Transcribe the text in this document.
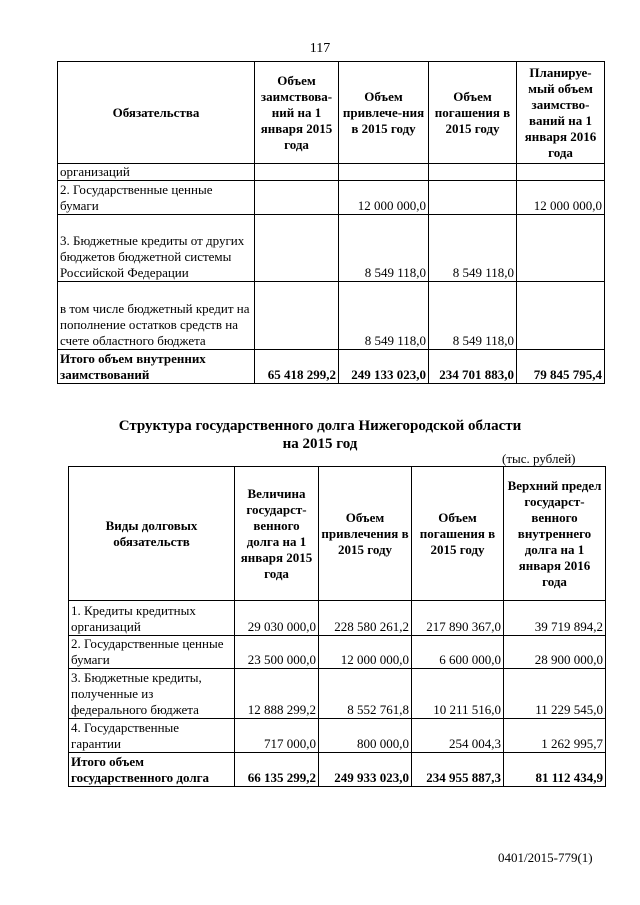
117
Обязательства	Объем заимствова-ний на 1 января 2015 года	Объем привлече-ния в 2015 году	Объем погашения в 2015 году	Планируе-мый объем заимство-ваний на 1 января 2016 года
организаций				
2. Государственные ценные бумаги		12 000 000,0		12 000 000,0
3. Бюджетные кредиты от других бюджетов бюджетной системы Российской Федерации		8 549 118,0	8 549 118,0	
в том числе бюджетный кредит на пополнение остатков средств на счете областного бюджета		8 549 118,0	8 549 118,0	
Итого объем внутренних заимствований	65 418 299,2	249 133 023,0	234 701 883,0	79 845 795,4
Структура государственного долга Нижегородской области
на 2015 год
(тыс. рублей)
Виды долговых обязательств	Величина государст-венного долга на 1 января 2015 года	Объем привлечения в 2015 году	Объем погашения в 2015 году	Верхний предел государст-венного внутреннего долга на 1 января 2016 года
1. Кредиты кредитных организаций	29 030 000,0	228 580 261,2	217 890 367,0	39 719 894,2
2. Государственные ценные бумаги	23 500 000,0	12 000 000,0	6 600 000,0	28 900 000,0
3. Бюджетные кредиты, полученные из федерального бюджета	12 888 299,2	8 552 761,8	10 211 516,0	11 229 545,0
4. Государственные гарантии	717 000,0	800 000,0	254 004,3	1 262 995,7
Итого объем государственного долга	66 135 299,2	249 933 023,0	234 955 887,3	81 112 434,9
0401/2015-779(1)
